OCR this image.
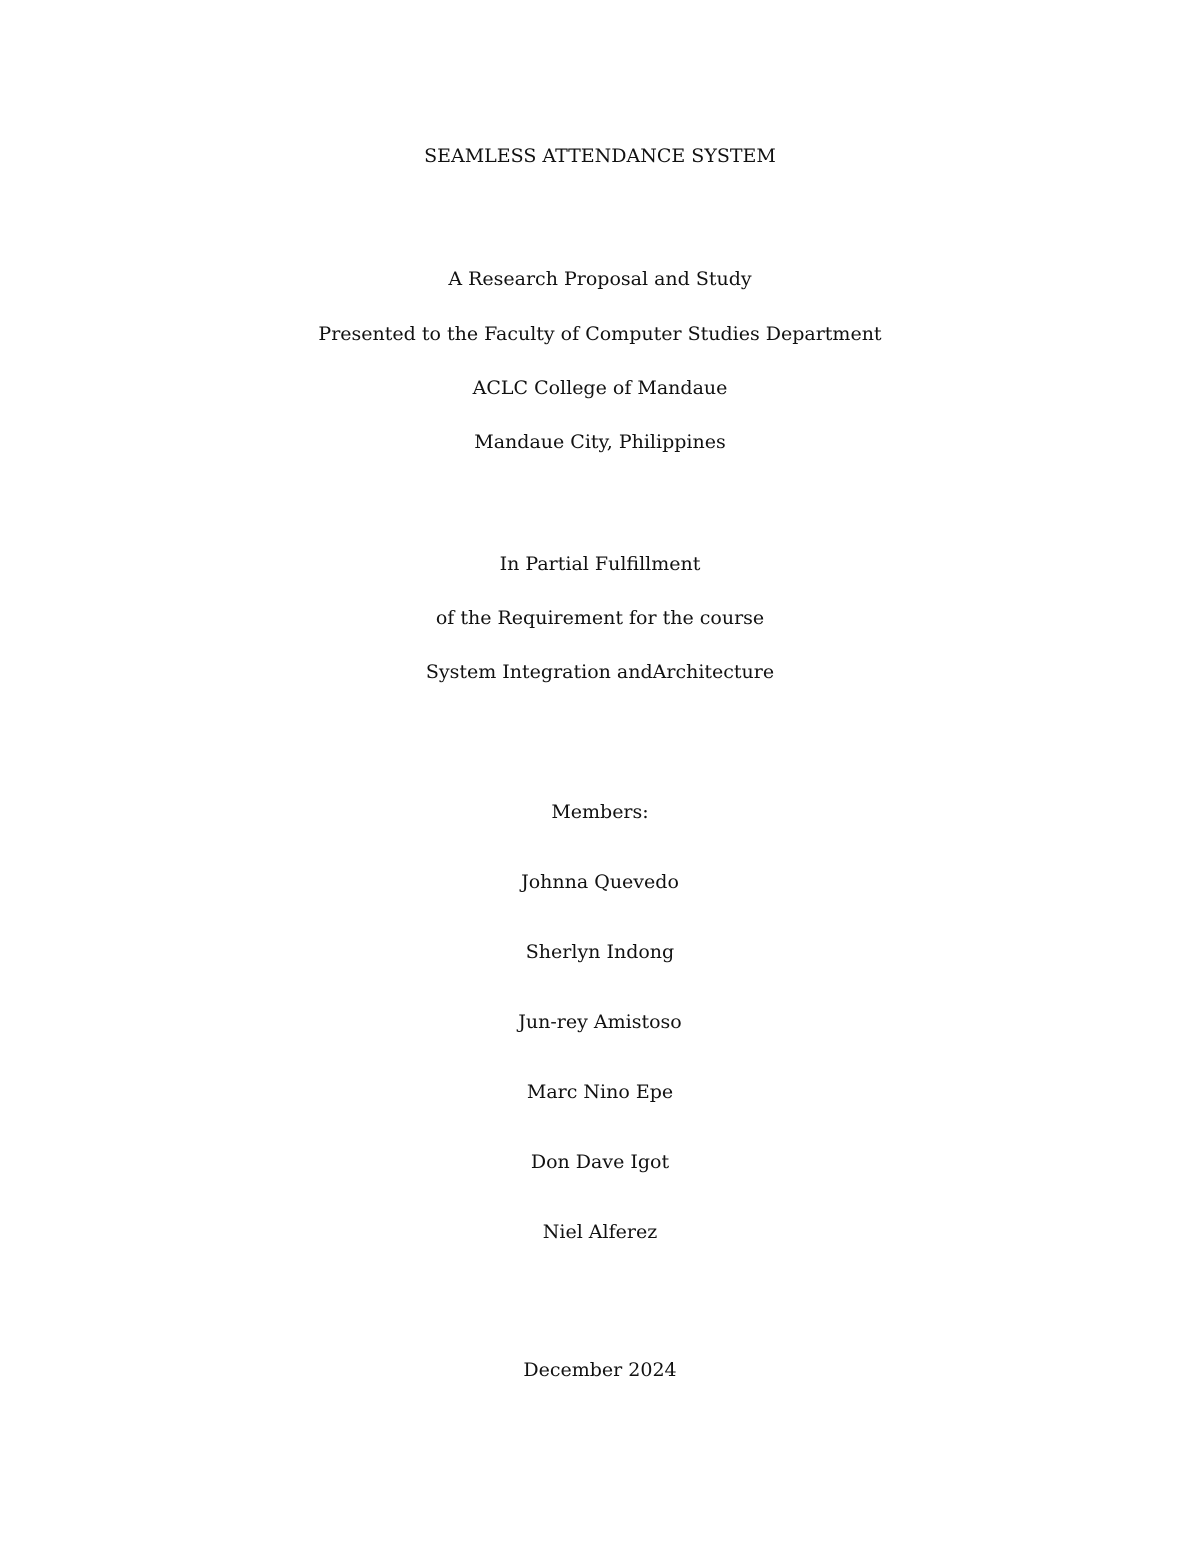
SEAMLESS ATTENDANCE SYSTEM
A Research Proposal and Study
Presented to the Faculty of Computer Studies Department
ACLC College of Mandaue
Mandaue City, Philippines
In Partial Fulfillment
of the Requirement for the course
System Integration andArchitecture
Members:
Johnna Quevedo
Sherlyn Indong
Jun-rey Amistoso
Marc Nino Epe
Don Dave Igot
Niel Alferez
December 2024
